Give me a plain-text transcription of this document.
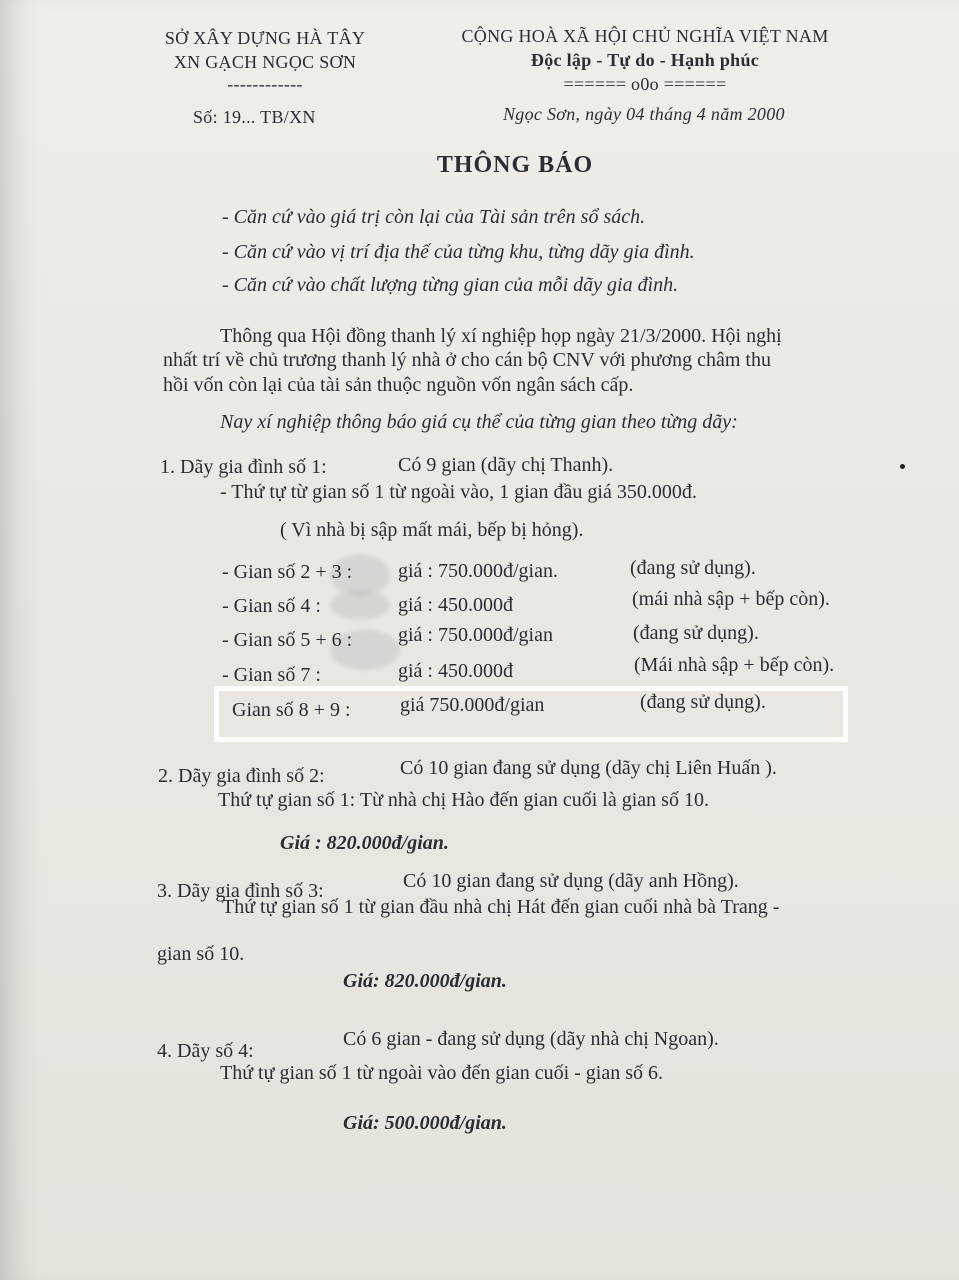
SỞ XÂY DỰNG HÀ TÂY
XN GẠCH NGỌC SƠN
------------
Số: 19... TB/XN
CỘNG HOÀ XÃ HỘI CHỦ NGHĨA VIỆT NAM
Độc lập - Tự do - Hạnh phúc
====== o0o ======
Ngọc Sơn, ngày 04 tháng 4 năm 2000
THÔNG BÁO
- Căn cứ vào giá trị còn lại của Tài sản trên sổ sách.
- Căn cứ vào vị trí địa thế của từng khu, từng dãy gia đình.
- Căn cứ vào chất lượng từng gian của mỗi dãy gia đình.
Thông qua Hội đồng thanh lý xí nghiệp họp ngày 21/3/2000. Hội nghị
nhất trí về chủ trương thanh lý nhà ở cho cán bộ CNV với phương châm thu
hồi vốn còn lại của tài sản thuộc nguồn vốn ngân sách cấp.
Nay xí nghiệp thông báo giá cụ thể của từng gian theo từng dãy:
1. Dãy gia đình số 1:	Có 9 gian (dãy chị Thanh).
- Thứ tự từ gian số 1 từ ngoài vào, 1 gian đầu giá 350.000đ.
( Vì nhà bị sập mất mái, bếp bị hỏng).
- Gian số 2 + 3 : giá : 750.000đ/gian.	(đang sử dụng).
- Gian số 4 :	giá : 450.000đ	(mái nhà sập + bếp còn).
- Gian số 5 + 6 : giá : 750.000đ/gian	(đang sử dụng).
- Gian số 7 :	giá : 450.000đ	(Mái nhà sập + bếp còn).
Gian số 8 + 9 : giá 750.000đ/gian	(đang sử dụng).
2. Dãy gia đình số 2:	Có 10 gian đang sử dụng (dãy chị Liên Huấn ).
Thứ tự gian số 1: Từ nhà chị Hào đến gian cuối là gian số 10.
Giá : 820.000đ/gian.
3. Dãy gia đình số 3:	Có 10 gian đang sử dụng (dãy anh Hồng).
Thứ tự gian số 1 từ gian đầu nhà chị Hát đến gian cuối nhà bà Trang -
gian số 10.
Giá: 820.000đ/gian.
4. Dãy số 4:
Có 6 gian - đang sử dụng (dãy nhà chị Ngoan).
Thứ tự gian số 1 từ ngoài vào đến gian cuối - gian số 6.
Giá: 500.000đ/gian.
